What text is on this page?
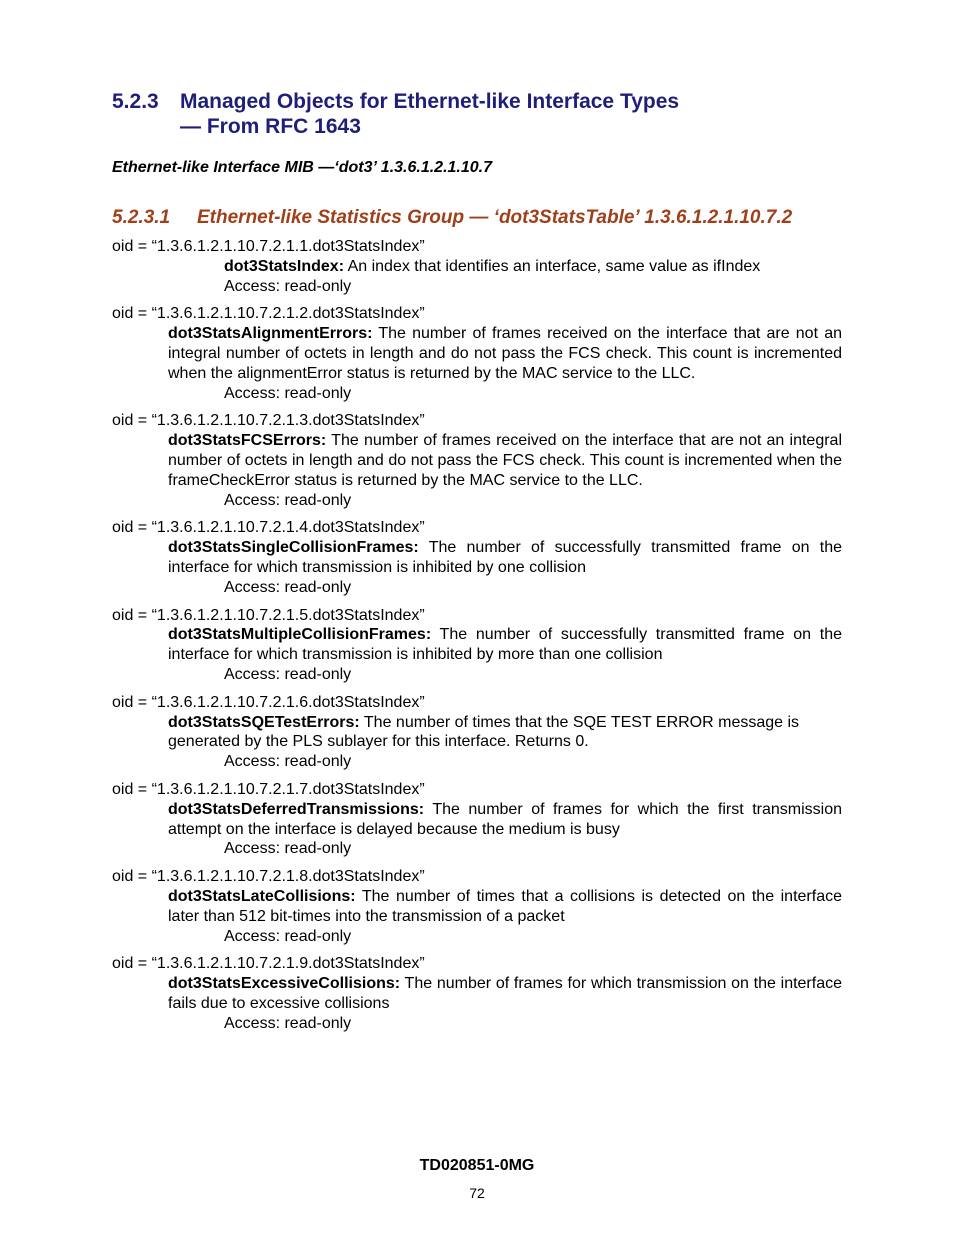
5.2.3 Managed Objects for Ethernet-like Interface Types
— From RFC 1643
Ethernet-like Interface MIB —‘dot3’ 1.3.6.1.2.1.10.7
5.2.3.1 Ethernet-like Statistics Group — ‘dot3StatsTable’ 1.3.6.1.2.1.10.7.2

oid = “1.3.6.1.2.1.10.7.2.1.1.dot3StatsIndex”

dot3StatsIndex: An index that identifies an interface, same value as ifIndex

Access: read-only

oid = “1.3.6.1.2.1.10.7.2.1.2.dot3StatsIndex”

dot3StatsAlignmentErrors: The number of frames received on the interface that are not an integral number of octets in length and do not pass the FCS check. This count is incremented when the alignmentError status is returned by the MAC service to the LLC.

Access: read-only

oid = “1.3.6.1.2.1.10.7.2.1.3.dot3StatsIndex”

dot3StatsFCSErrors: The number of frames received on the interface that are not an integral number of octets in length and do not pass the FCS check. This count is incremented when the frameCheckError status is returned by the MAC service to the LLC.

Access: read-only

oid = “1.3.6.1.2.1.10.7.2.1.4.dot3StatsIndex”

dot3StatsSingleCollisionFrames: The number of successfully transmitted frame on the interface for which transmission is inhibited by one collision

Access: read-only

oid = “1.3.6.1.2.1.10.7.2.1.5.dot3StatsIndex”

dot3StatsMultipleCollisionFrames: The number of successfully transmitted frame on the interface for which transmission is inhibited by more than one collision

Access: read-only

oid = “1.3.6.1.2.1.10.7.2.1.6.dot3StatsIndex”

dot3StatsSQETestErrors: The number of times that the SQE TEST ERROR message is generated by the PLS sublayer for this interface. Returns 0.

Access: read-only

oid = “1.3.6.1.2.1.10.7.2.1.7.dot3StatsIndex”

dot3StatsDeferredTransmissions: The number of frames for which the first transmission attempt on the interface is delayed because the medium is busy

Access: read-only

oid = “1.3.6.1.2.1.10.7.2.1.8.dot3StatsIndex”

dot3StatsLateCollisions: The number of times that a collisions is detected on the interface later than 512 bit-times into the transmission of a packet

Access: read-only

oid = “1.3.6.1.2.1.10.7.2.1.9.dot3StatsIndex”

dot3StatsExcessiveCollisions: The number of frames for which transmission on the interface fails due to excessive collisions

Access: read-only

TD020851-0MG
72
